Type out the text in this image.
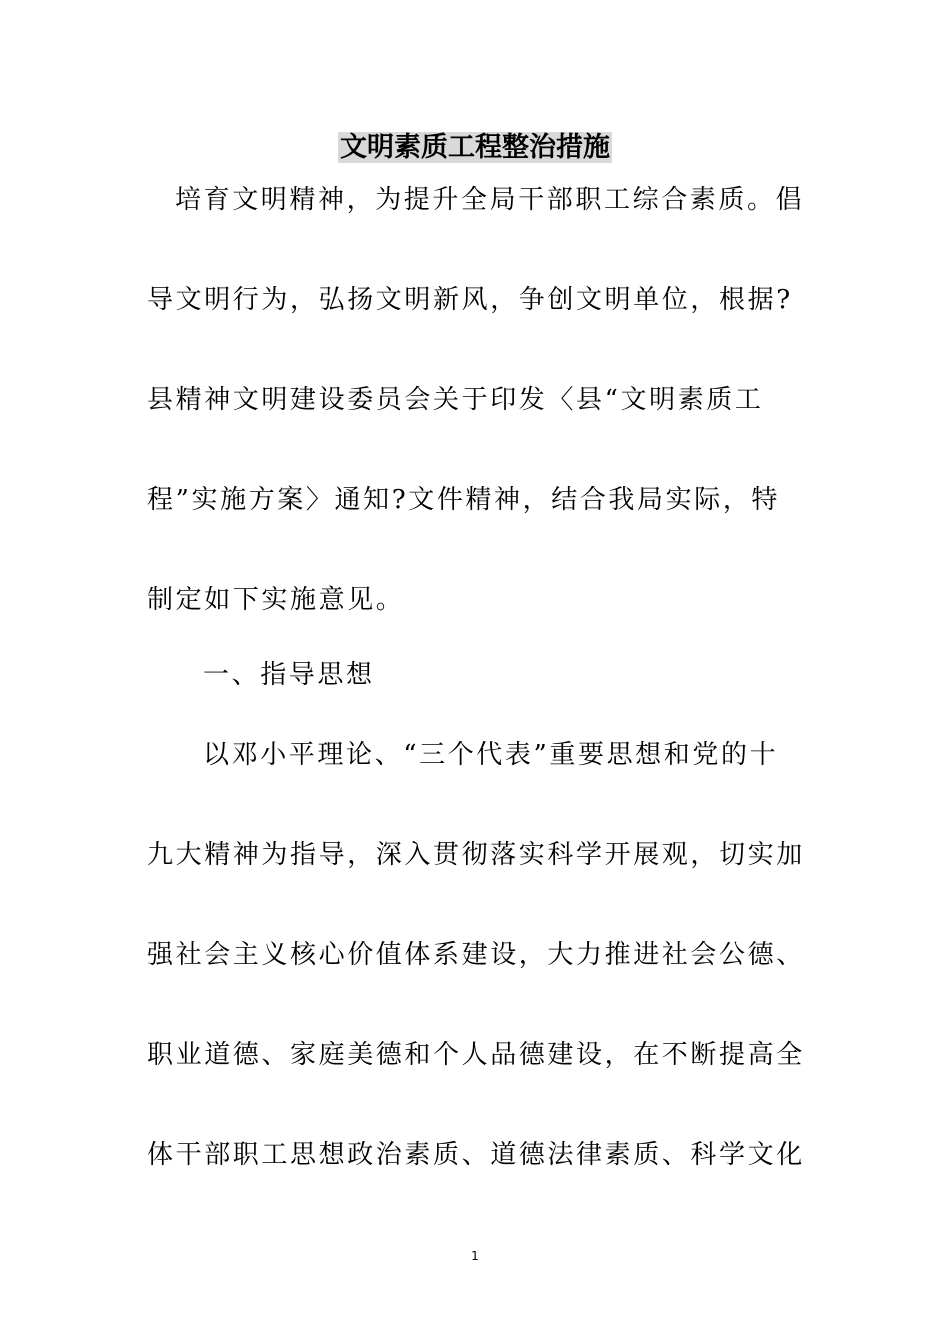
文明素质工程整治措施
培育文明精神，为提升全局干部职工综合素质。倡
导文明行为，弘扬文明新风，争创文明单位，根据?
县精神文明建设委员会关于印发〈县“文明素质工
程”实施方案〉通知?文件精神，结合我局实际，特
制定如下实施意见。
一、指导思想
以邓小平理论、“三个代表”重要思想和党的十
九大精神为指导，深入贯彻落实科学开展观，切实加
强社会主义核心价值体系建设，大力推进社会公德、
职业道德、家庭美德和个人品德建设，在不断提高全
体干部职工思想政治素质、道德法律素质、科学文化
1
